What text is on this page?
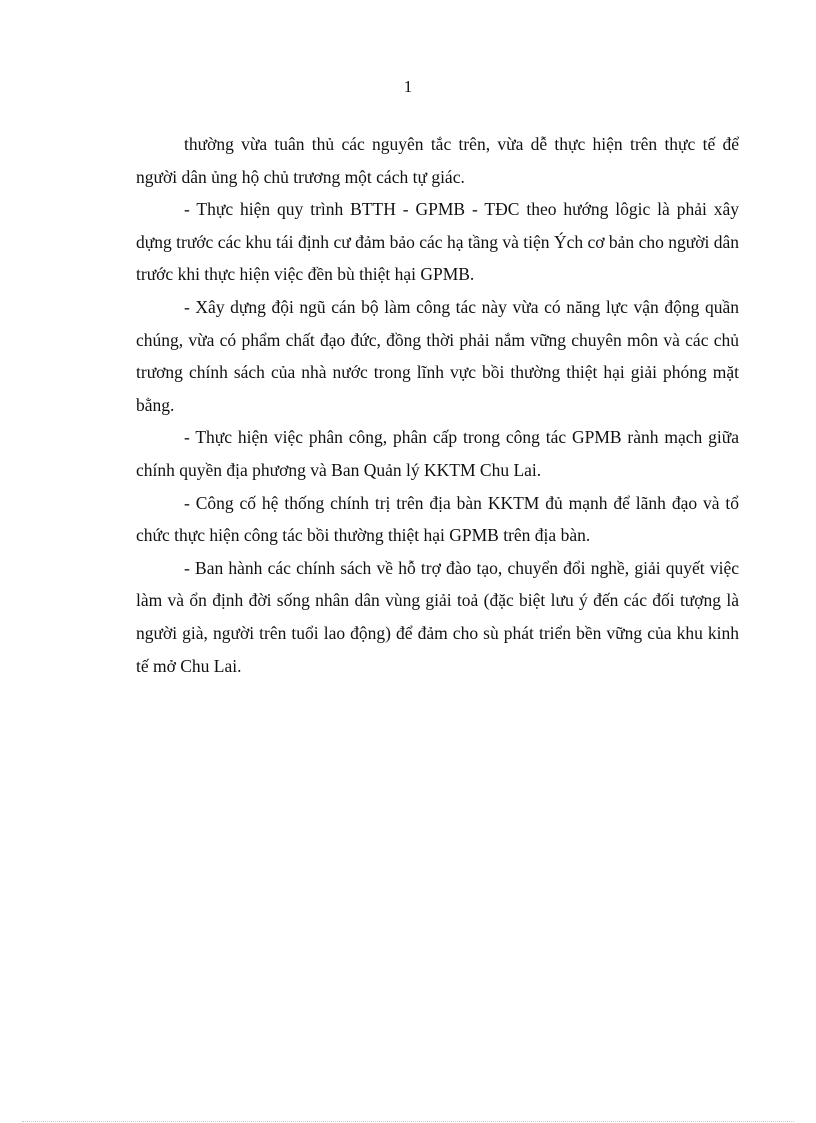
1

thường vừa tuân thủ các nguyên tắc trên, vừa dễ thực hiện trên thực tế để người dân ủng hộ chủ trương một cách tự giác.

- Thực hiện quy trình BTTH - GPMB - TĐC theo hướng lôgic là phải xây dựng trước các khu tái định cư đảm bảo các hạ tầng và tiện Ých cơ bản cho người dân trước khi thực hiện việc đền bù thiệt hại GPMB.

- Xây dựng đội ngũ cán bộ làm công tác này vừa có năng lực vận động quần chúng, vừa có phẩm chất đạo đức, đồng thời phải nắm vững chuyên môn và các chủ trương chính sách của nhà nước trong lĩnh vực bồi thường thiệt hại giải phóng mặt bằng.

- Thực hiện việc phân công, phân cấp trong công tác GPMB rành mạch giữa chính quyền địa phương và Ban Quản lý KKTM Chu Lai.

- Công cố hệ thống chính trị trên địa bàn KKTM đủ mạnh để lãnh đạo và tổ chức thực hiện công tác bồi thường thiệt hại GPMB trên địa bàn.

- Ban hành các chính sách về hỗ trợ đào tạo, chuyển đổi nghề, giải quyết việc làm và ổn định đời sống nhân dân vùng giải toả (đặc biệt lưu ý đến các đối tượng là người già, người trên tuổi lao động) để đảm cho sù phát triển bền vững của khu kinh tế mở Chu Lai.
